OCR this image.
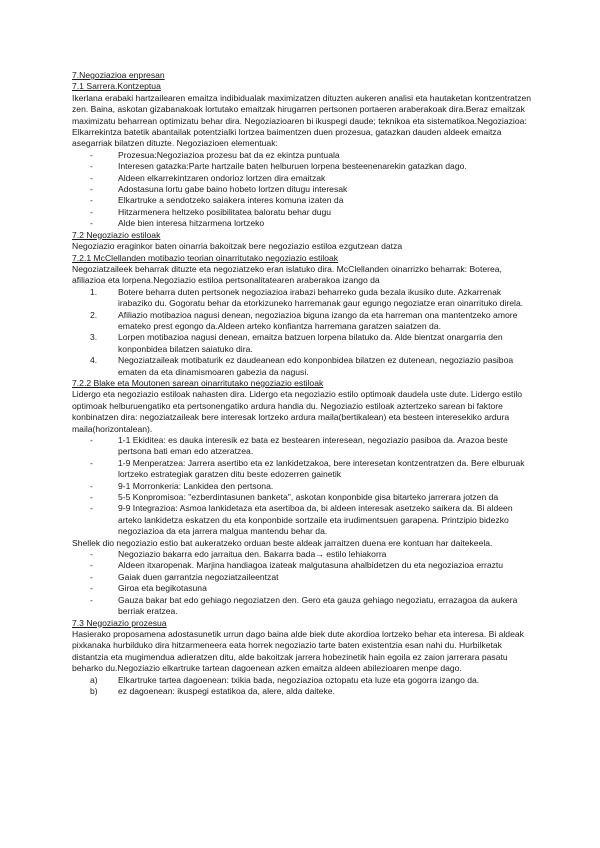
7.Negoziazioa enpresan

7.1 Sarrera.Kontzeptua

Ikerlana erabaki hartzailearen emaitza indibidualak maximizatzen dituzten aukeren analisi eta hautaketan kontzentratzen zen. Baina, askotan gizabanakoak lortutako emaitzak hirugarren pertsonen portaeren araberakoak dira.Beraz emaitzak maximizatu beharrean optimizatu behar dira. Negoziazioaren bi ikuspegi daude; teknikoa eta sistematikoa.Negoziazioa: Elkarrekintza batetik abantailak potentzialki lortzea baimentzen duen prozesua, gatazkan dauden aldeek emaitza asegarriak bilatzen dituzte. Negoziazioen elementuak:

- Prozesua:Negoziazioa prozesu bat da ez ekintza puntuala
- Interesen gatazka:Parte hartzaile baten helburuen lorpena besteenenarekin gatazkan dago.
- Aldeen elkarrekintzaren ondorioz lortzen dira emaitzak
- Adostasuna lortu gabe baino hobeto lortzen ditugu interesak
- Elkartruke a sendotzeko saiakera interes komuna izaten da
- Hitzarmenera heltzeko posibilitatea baloratu behar dugu
- Alde bien interesa hitzarmena lortzeko

7.2 Negoziazio estiloak

Negoziazio eraginkor baten oinarria bakoitzak bere negoziazio estiloa ezgutzean datza

7.2.1 McClellanden motibazio teorian oinarritutako negoziazio estiloak

Negoziatzaileek beharrak dituzte eta negoziatzeko eran islatuko dira. McClellanden oinarrizko beharrak: Boterea, afiliazioa eta lorpena.Negoziazio estiloa pertsonalitatearen araberakoa izango da

1. Botere beharra duten pertsonek negoziazioa irabazi beharreko guda bezala ikusiko dute. Azkarrenak irabaziko du. Gogoratu behar da etorkizuneko harremanak gaur egungo negoziatze eran oinarrituko direla.
2. Afiliazio motibazioa nagusi denean, negoziazioa biguna izango da eta harreman ona mantentzeko amore emateko prest egongo da.Aldeen arteko konfiantza harremana garatzen saiatzen da.
3. Lorpen motibazioa nagusi denean, emaitza batzuen lorpena bilatuko da. Alde bientzat onargarria den konponbidea bilatzen saiatuko dira.
4. Negoziatzaileak motibaturik ez daudeanean edo konponbidea bilatzen ez dutenean, negoziazio pasiboa ematen da eta dinamismoaren gabezia da nagusi.

7.2.2 Blake eta Moutonen sarean oinarritutako negoziazio estiloak

Lidergo eta negoziazio estiloak nahasten dira. Lidergo eta negoziazio estilo optimoak daudela uste dute. Lidergo estilo optimoak helburuengatiko eta pertsonengatiko ardura handia du. Negoziazio estiloak aztertzeko sarean bi faktore konbinatzen dira: negoziatzaileak bere interesak lortzeko ardura maila(bertikalean) eta besteen interesekiko ardura maila(horizontalean).

- 1-1 Ekiditea: es dauka interesik ez bata ez bestearen interesean, negoziazio pasiboa da. Arazoa beste pertsona bati eman edo atzeratzea.
- 1-9 Menperatzea: Jarrera asertibo eta ez lankidetzakoa, bere interesetan kontzentratzen da. Bere elburuak lortzeko estrategiak garatzen ditu beste edozerren gainetik
- 9-1 Morronkeria: Lankidea den pertsona.
- 5-5 Konpromisoa: "ezberdintasunen banketa", askotan konponbide gisa bitarteko jarrerara jotzen da
- 9-9 Integrazioa: Asmoa lankidetaza eta asertiboa da, bi aldeen interesak asetzeko saikera da. Bi aldeen arteko lankidetza eskatzen du eta konponbide sortzaile eta irudimentsuen garapena. Printzipio bidezko negoziazioa da eta jarrera malgua mantendu behar da.

Shellek dio negoziazio estio bat aukeratzeko orduan beste aldeak jarraitzen duena ere kontuan har daitekeela.

- Negoziazio bakarra edo jarraitua den. Bakarra bada→ estilo lehiakorra
- Aldeen itxaropenak. Marjina handiagoa izateak malgutasuna ahalbidetzen du eta negoziazioa erraztu
- Gaiak duen garrantzia negoziatzaileentzat
- Giroa eta begikotasuna
- Gauza bakar bat edo gehiago negoziatzen den. Gero eta gauza gehiago negoziatu, errazagoa da aukera berriak eratzea.

7.3 Negoziazio prozesua

Hasierako proposamena adostasunetik urrun dago baina alde biek dute akordioa lortzeko behar eta interesa. Bi aldeak pixkanaka hurbilduko dira hitzarmeneera eata horrek negoziazio tarte baten existentzia esan nahi du. Hurbilketak distantzia eta mugimendua adieratzen ditu, alde bakoitzak jarrera hobezinetik hain egoila ez zaion jarrerara pasatu beharko du.Negoziazio elkartruke tartean dagoenean azken emaitza aldeen abilezioaren menpe dago.

a) Elkartruke tartea dagoenean: txikia bada, negoziazioa oztopatu eta luze eta gogorra izango da.
b) ez dagoenean: ikuspegi estatikoa da, alere, alda daiteke.
